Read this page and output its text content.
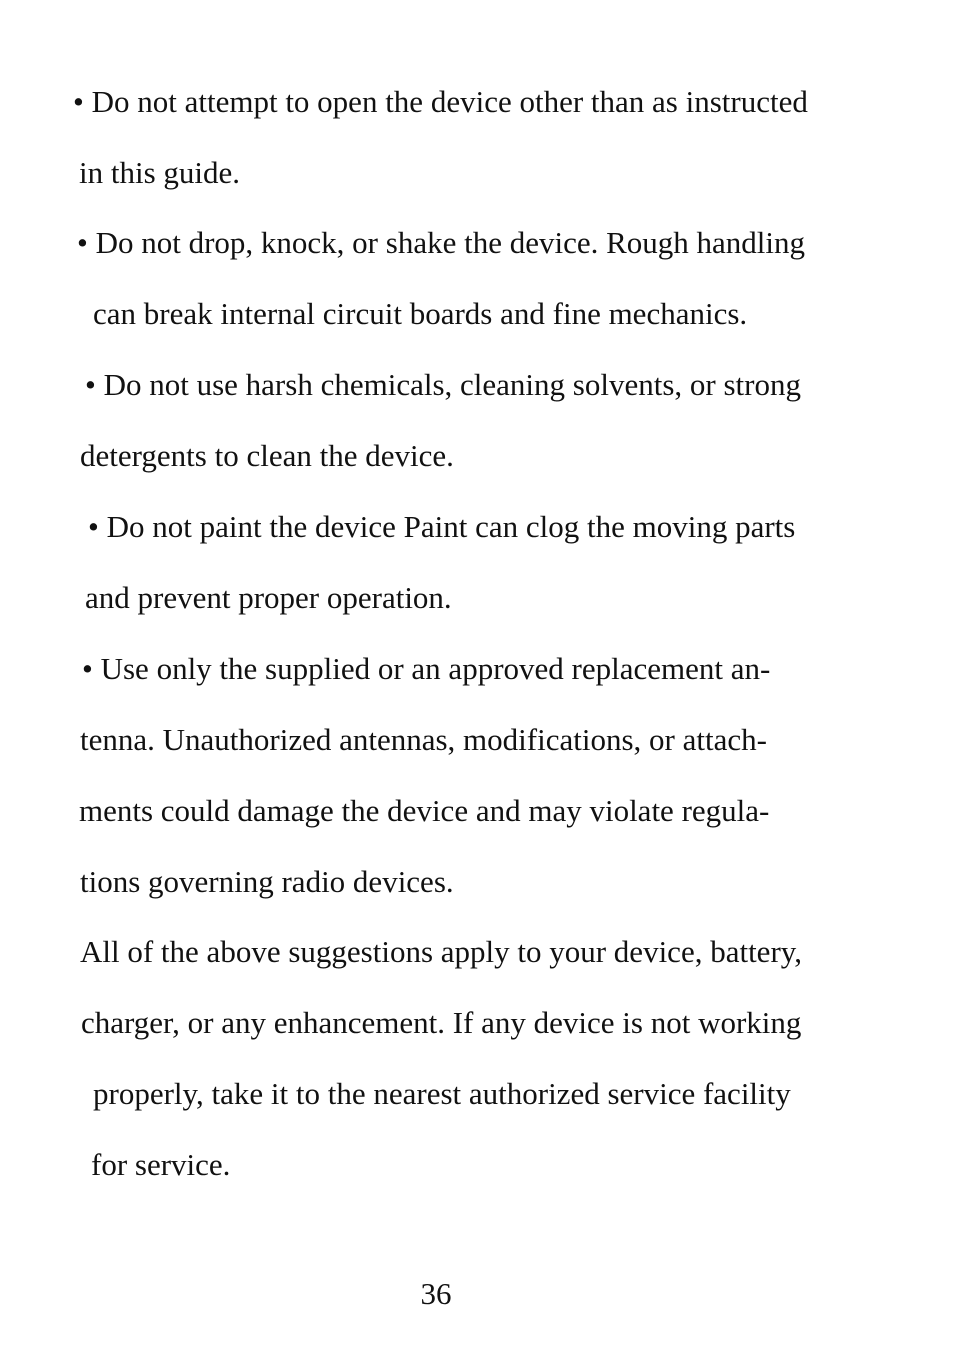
• Do not attempt to open the device other than as instructed
in this guide.
• Do not drop, knock, or shake the device. Rough handling
can break internal circuit boards and fine mechanics.
• Do not use harsh chemicals, cleaning solvents, or strong
detergents to clean the device.
• Do not paint the device Paint can clog the moving parts
and prevent proper operation.
• Use only the supplied or an approved replacement an-
tenna. Unauthorized antennas, modifications, or attach-
ments could damage the device and may violate regula-
tions governing radio devices.
All of the above suggestions apply to your device, battery,
charger, or any enhancement. If any device is not working
properly, take it to the nearest authorized service facility
for service.
36
